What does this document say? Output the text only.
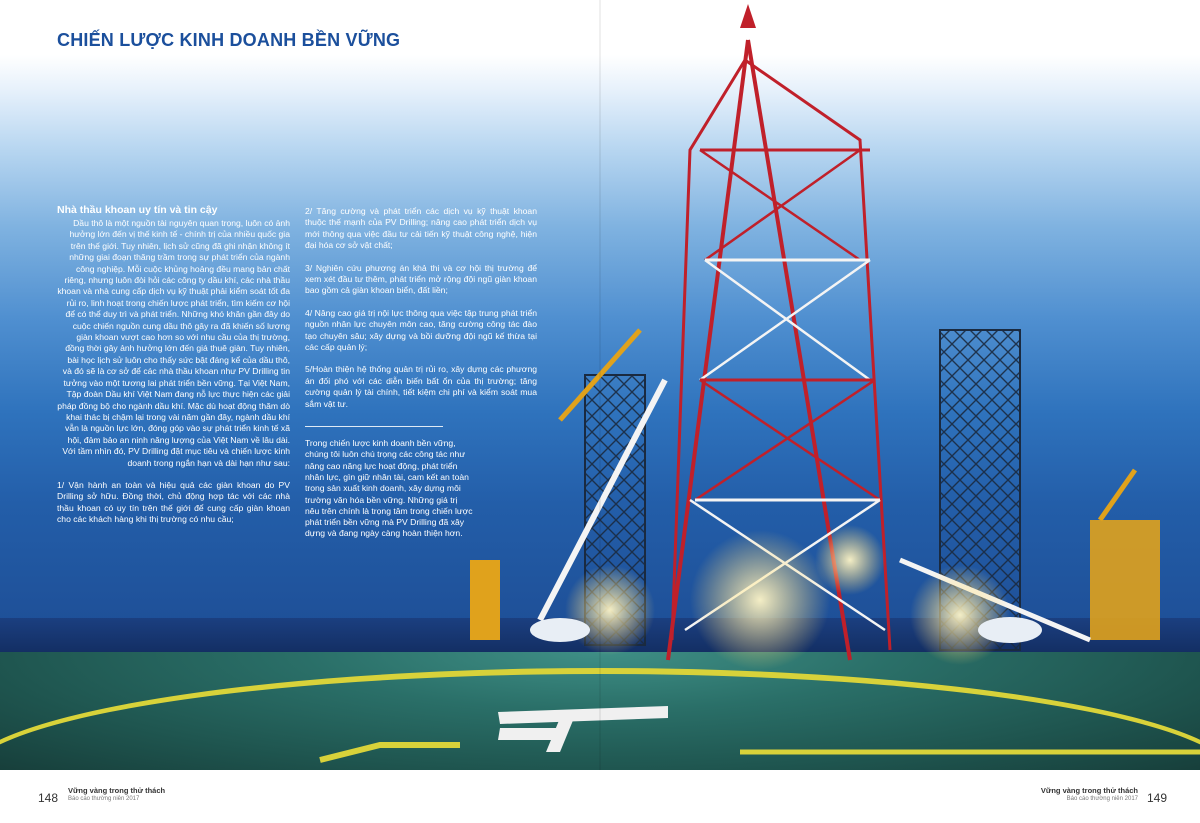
CHIẾN LƯỢC KINH DOANH BỀN VỮNG
Nhà thầu khoan uy tín và tin cậy

Dầu thô là một nguồn tài nguyên quan trọng, luôn có ảnh hưởng lớn đến vị thế kinh tế - chính trị của nhiều quốc gia trên thế giới. Tuy nhiên, lịch sử cũng đã ghi nhận không ít những giai đoạn thăng trầm trong sự phát triển của ngành công nghiệp. Mỗi cuộc khủng hoảng đều mang bản chất riêng, nhưng luôn đòi hỏi các công ty dầu khí, các nhà thầu khoan và nhà cung cấp dịch vụ kỹ thuật phải kiểm soát tốt đa rủi ro, linh hoạt trong chiến lược phát triển, tìm kiếm cơ hội để có thể duy trì và phát triển. Những khó khăn gần đây do cuộc chiến nguồn cung dầu thô gây ra đã khiến số lượng giàn khoan vượt cao hơn so với nhu cầu của thị trường, đồng thời gây ảnh hưởng lớn đến giá thuê giàn. Tuy nhiên, bài học lịch sử luôn cho thấy sức bật đáng kể của dầu thô, và đó sẽ là cơ sở để các nhà thầu khoan như PV Drilling tin tưởng vào một tương lai phát triển bền vững. Tại Việt Nam, Tập đoàn Dầu khí Việt Nam đang nỗ lực thực hiện các giải pháp đồng bộ cho ngành dầu khí. Mặc dù hoạt động thăm dò khai thác bị chậm lại trong vài năm gần đây, ngành dầu khí vẫn là nguồn lực lớn, đóng góp vào sự phát triển kinh tế xã hội, đảm bảo an ninh năng lượng của Việt Nam về lâu dài. Với tầm nhìn đó, PV Drilling đặt mục tiêu và chiến lược kinh doanh trong ngắn hạn và dài hạn như sau:

1/ Vận hành an toàn và hiệu quả các giàn khoan do PV Drilling sở hữu. Đồng thời, chủ động hợp tác với các nhà thầu khoan có uy tín trên thế giới để cung cấp giàn khoan cho các khách hàng khi thị trường có nhu cầu;

2/ Tăng cường và phát triển các dịch vụ kỹ thuật khoan thuộc thế mạnh của PV Drilling; nâng cao phát triển dịch vụ mới thông qua việc đầu tư cải tiến kỹ thuật công nghệ, hiện đại hóa cơ sở vật chất;

3/ Nghiên cứu phương án khả thi và cơ hội thị trường để xem xét đầu tư thêm, phát triển mở rộng đội ngũ giàn khoan bao gồm cả giàn khoan biển, đất liền;

4/ Nâng cao giá trị nội lực thông qua việc tập trung phát triển nguồn nhân lực chuyên môn cao, tăng cường công tác đào tạo chuyên sâu; xây dựng và bồi dưỡng đội ngũ kế thừa tại các cấp quản lý;

5/Hoàn thiện hệ thống quản trị rủi ro, xây dựng các phương án đối phó với các diễn biến bất ổn của thị trường; tăng cường quản lý tài chính, tiết kiệm chi phí và kiểm soát mua sắm vật tư.

Trong chiến lược kinh doanh bền vững, chúng tôi luôn chú trọng các công tác như nâng cao năng lực hoạt động, phát triển nhân lực, gìn giữ nhân tài, cam kết an toàn trong sản xuất kinh doanh, xây dựng môi trường văn hóa bền vững. Những giá trị nêu trên chính là trọng tâm trong chiến lược phát triển bền vững mà PV Drilling đã xây dựng và đang ngày càng hoàn thiện hơn.

148
Vững vàng trong thử thách
Báo cáo thường niên 2017
Vững vàng trong thử thách
Báo cáo thường niên 2017 149
